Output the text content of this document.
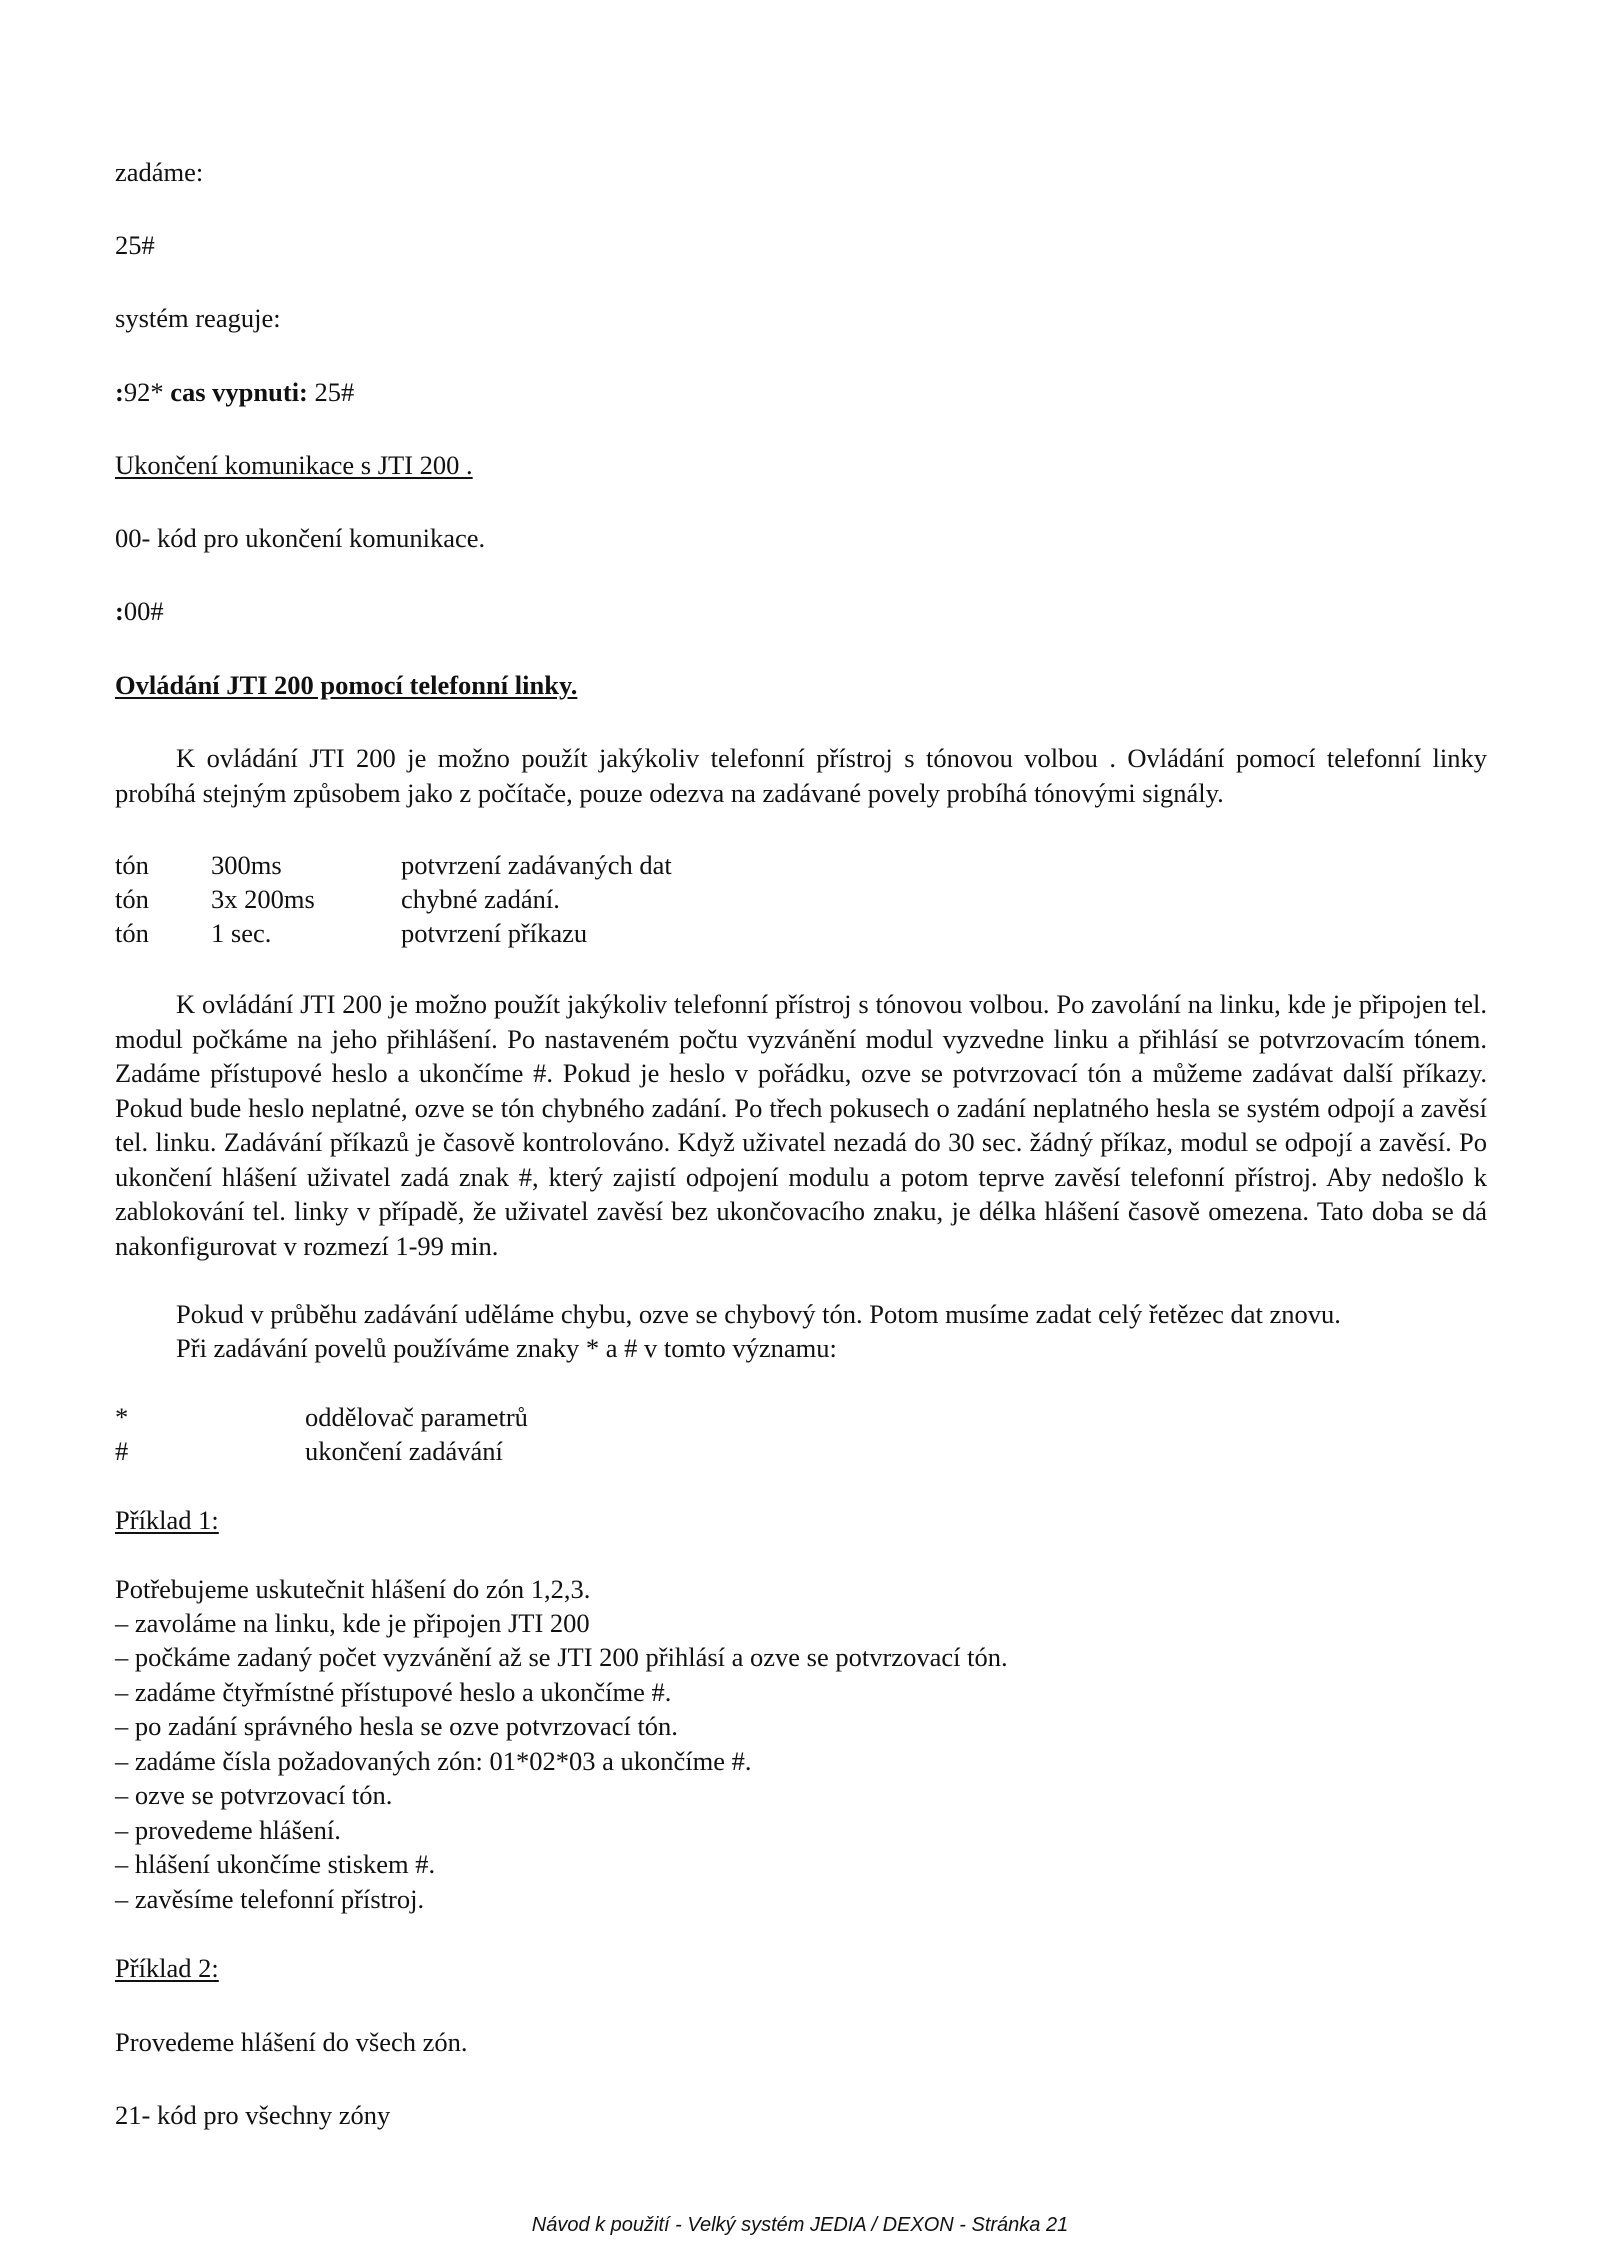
zadáme:

25#

systém reaguje:

:92* cas vypnuti: 25#

Ukončení komunikace s JTI 200 .

00- kód pro ukončení komunikace.

:00#

Ovládání JTI 200 pomocí telefonní linky.

K ovládání JTI 200 je možno použít jakýkoliv telefonní přístroj s tónovou volbou . Ovládání pomocí telefonní linky probíhá stejným způsobem jako z počítače, pouze odezva na zadávané povely probíhá tónovými signály.

tón 300ms	potvrzení zadávaných dat
tón 3x 200ms	chybné zadání.
tón 1 sec.	potvrzení příkazu

K ovládání JTI 200 je možno použít jakýkoliv telefonní přístroj s tónovou volbou. Po zavolání na linku, kde je připojen tel. modul počkáme na jeho přihlášení. Po nastaveném počtu vyzvánění modul vyzvedne linku a přihlásí se potvrzovacím tónem. Zadáme přístupové heslo a ukončíme #. Pokud je heslo v pořádku, ozve se potvrzovací tón a můžeme zadávat další příkazy. Pokud bude heslo neplatné, ozve se tón chybného zadání. Po třech pokusech o zadání neplatného hesla se systém odpojí a zavěsí tel. linku. Zadávání příkazů je časově kontrolováno. Když uživatel nezadá do 30 sec. žádný příkaz, modul se odpojí a zavěsí. Po ukončení hlášení uživatel zadá znak #, který zajistí odpojení modulu a potom teprve zavěsí telefonní přístroj. Aby nedošlo k zablokování tel. linky v případě, že uživatel zavěsí bez ukončovacího znaku, je délka hlášení časově omezena. Tato doba se dá nakonfigurovat v rozmezí 1-99 min.

Pokud v průběhu zadávání uděláme chybu, ozve se chybový tón. Potom musíme zadat celý řetězec dat znovu.

Při zadávání povelů používáme znaky * a # v tomto významu:

*	oddělovač parametrů
#	ukončení zadávání

Příklad 1:

Potřebujeme uskutečnit hlášení do zón 1,2,3.

– zavoláme na linku, kde je připojen JTI 200

– počkáme zadaný počet vyzvánění až se JTI 200 přihlásí a ozve se potvrzovací tón.

– zadáme čtyřmístné přístupové heslo a ukončíme #.

– po zadání správného hesla se ozve potvrzovací tón.

– zadáme čísla požadovaných zón: 01*02*03 a ukončíme #.

– ozve se potvrzovací tón.

– provedeme hlášení.

– hlášení ukončíme stiskem #.

– zavěsíme telefonní přístroj.

Příklad 2:

Provedeme hlášení do všech zón.

21- kód pro všechny zóny

Návod k použití - Velký systém JEDIA / DEXON - Stránka 21
